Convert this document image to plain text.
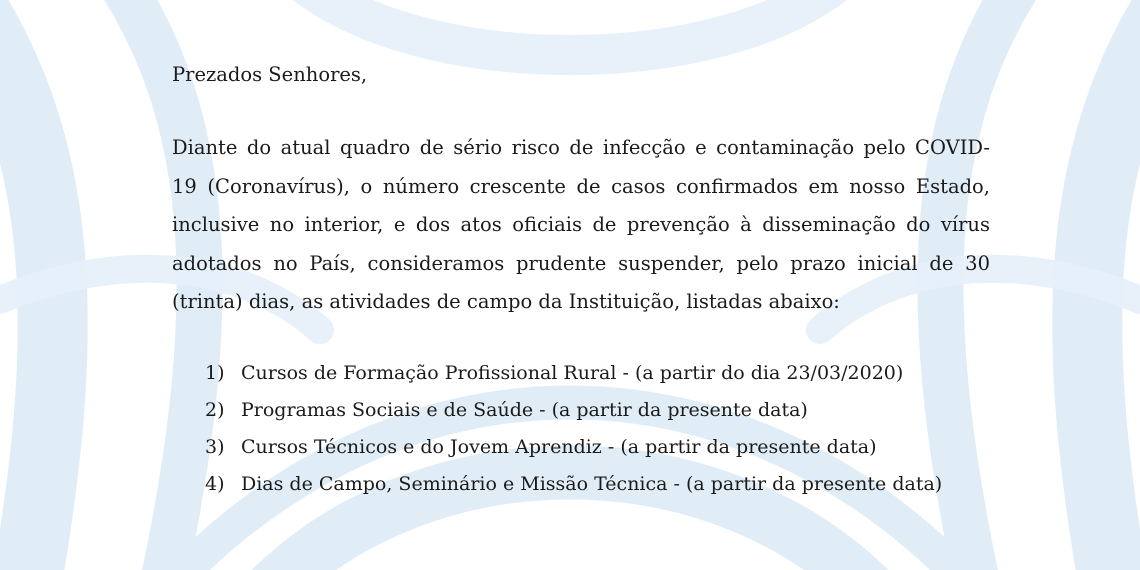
Prezados Senhores,

Diante do atual quadro de sério risco de infecção e contaminação pelo COVID-
19 (Coronavírus), o número crescente de casos confirmados em nosso Estado,
inclusive no interior, e dos atos oficiais de prevenção à disseminação do vírus
adotados no País, consideramos prudente suspender, pelo prazo inicial de 30
(trinta) dias, as atividades de campo da Instituição, listadas abaixo:
1) Cursos de Formação Profissional Rural - (a partir do dia 23/03/2020)
2) Programas Sociais e de Saúde - (a partir da presente data)
3) Cursos Técnicos e do Jovem Aprendiz - (a partir da presente data)
4) Dias de Campo, Seminário e Missão Técnica - (a partir da presente data)
